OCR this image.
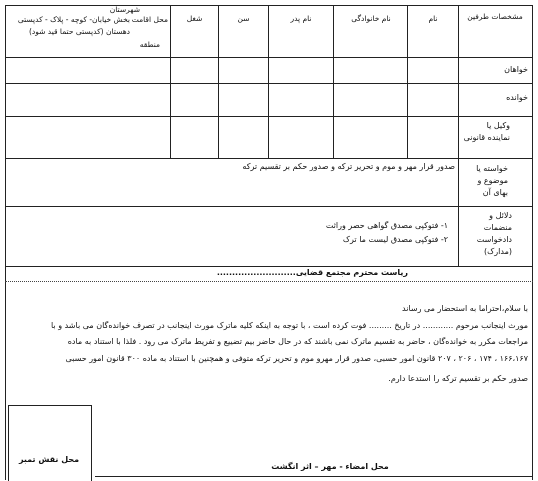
مشخصات طرفین
نام
نام خانوادگی
نام پدر
سن
شغل
محل اقامت
شهرستان
بخش خیابان- کوچه - پلاک - کدپستی
دهستان (کدپستی حتما قید شود)
منطقه
خواهان
خوانده
وکیل یا نماینده قانونی
خواسته یا موضوع و بهای آن
صدور قرار مهر و موم و تحریر ترکه و صدور حکم بر تقسیم ترکه
دلائل و منضمات دادخواست (مدارک)
۱- فتوکپی مصدق گواهی حصر وراثت
۲- فتوکپی مصدق لیست ما ترک
ریاست محترم مجتمع قضایی..........................
با سلام،احتراما به استحضار می رساند
مورث اینجانب مرحوم ............ در تاریخ ......... فوت کرده است ، با توجه به اینکه کلیه ماترک مورث اینجانب در تصرف خوانده‌گان می باشد و با
مراجعات مکرر به خوانده‌گان ، حاضر به تقسیم ماترک نمی باشند که در حال حاضر بیم تضییع و تفریط ماترک می رود . فلذا با استناد به ماده
۱۶۶،۱۶۷ ، ۱۷۴ ، ۲۰۶ ، ۲۰۷ قانون امور حسبی، صدور قرار مهرو موم و تحریر ترکه متوفی و همچنین با استناد به ماده ۳۰۰ قانون امور حسبی
صدور حکم بر تقسیم ترکه را استدعا دارم.
محل نقش تمبر
محل امضاء - مهر – اثر انگشت
